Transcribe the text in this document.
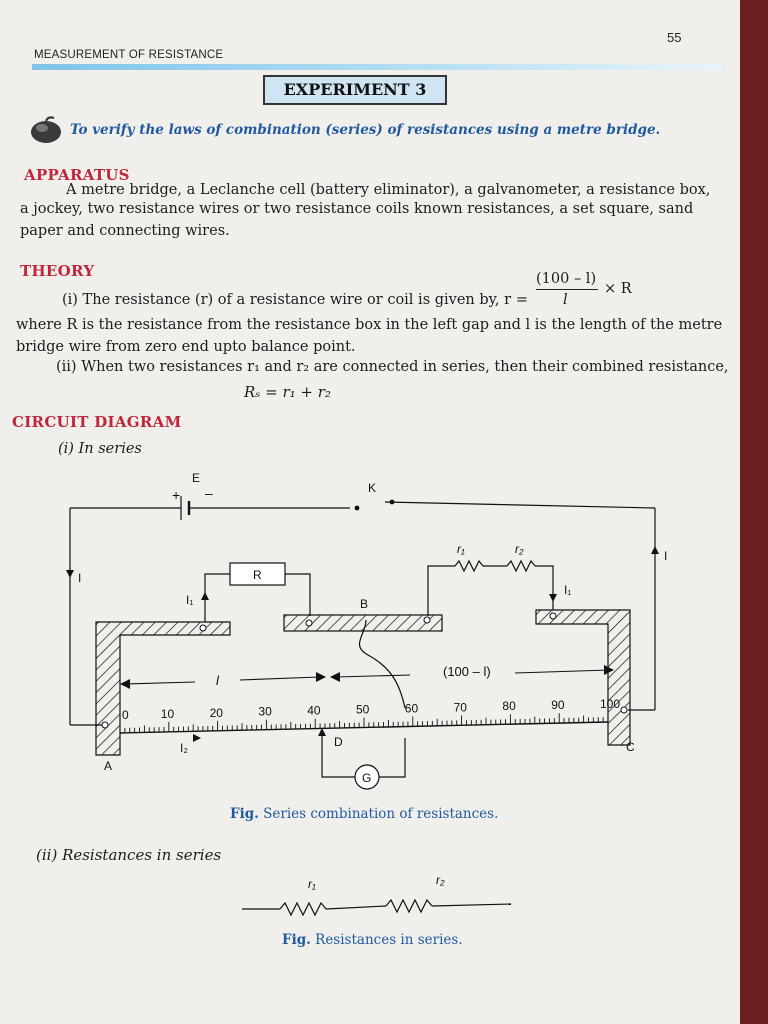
55
MEASUREMENT OF RESISTANCE
EXPERIMENT 3
To verify the laws of combination (series) of resistances using a metre bridge.
APPARATUS
A metre bridge, a Leclanche cell (battery eliminator), a galvanometer, a resistance box,
a jockey, two resistance wires or two resistance coils known resistances, a set square, sand
paper and connecting wires.
THEORY
(i) The resistance (r) of a resistance wire or coil is given by, r =
(100 – l)
l
× R
where R is the resistance from the resistance box in the left gap and l is the length of the metre
bridge wire from zero end upto balance point.
(ii) When two resistances r₁ and r₂ are connected in series, then their combined resistance,
Rₛ = r₁ + r₂
CIRCUIT DIAGRAM
(i) In series
0	10	20	30	40	50	60	70	80	90	100
E
+ –	K
R
B
r₁	r₂
I
I
I₁
I₁
I₂	D
G
A
C
l
(100 – l)
Fig. Series combination of resistances.
(ii) Resistances in series
r₁	r₂
Fig. Resistances in series.
